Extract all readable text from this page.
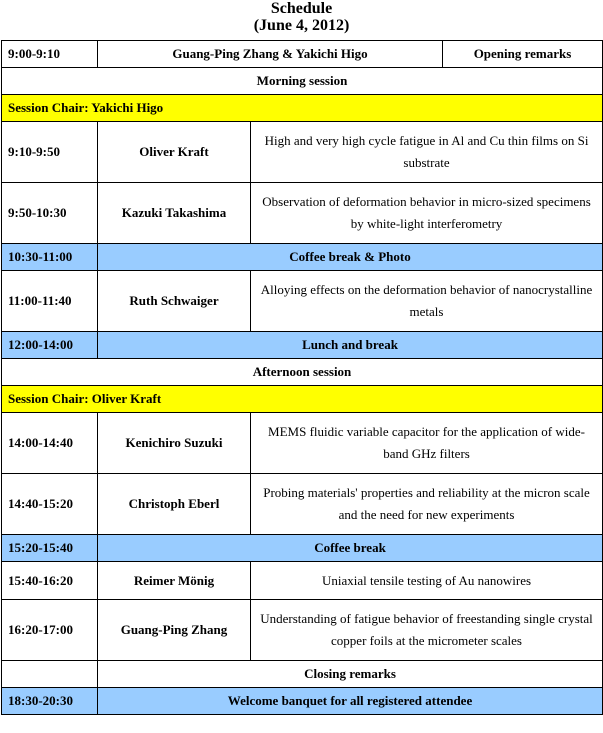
Schedule
(June 4, 2012)
9:00-9:10	Guang-Ping Zhang & Yakichi Higo		Opening remarks
Morning session			
Session Chair: Yakichi Higo			
9:10-9:50	Oliver Kraft	High and very high cycle fatigue in Al and Cu thin films on Si substrate	
9:50-10:30	Kazuki Takashima	Observation of deformation behavior in micro-sized specimens by white-light interferometry	
10:30-11:00	Coffee break & Photo		
11:00-11:40	Ruth Schwaiger	Alloying effects on the deformation behavior of nanocrystalline metals	
12:00-14:00	Lunch and break		
Afternoon session			
Session Chair: Oliver Kraft			
14:00-14:40	Kenichiro Suzuki	MEMS fluidic variable capacitor for the application of wide-band GHz filters	
14:40-15:20	Christoph Eberl	Probing materials' properties and reliability at the micron scale and the need for new experiments	
15:20-15:40	Coffee break		
15:40-16:20	Reimer Mönig	Uniaxial tensile testing of Au nanowires	
16:20-17:00	Guang-Ping Zhang	Understanding of fatigue behavior of freestanding single crystal copper foils at the micrometer scales	
	Closing remarks		
18:30-20:30	Welcome banquet for all registered attendee		
